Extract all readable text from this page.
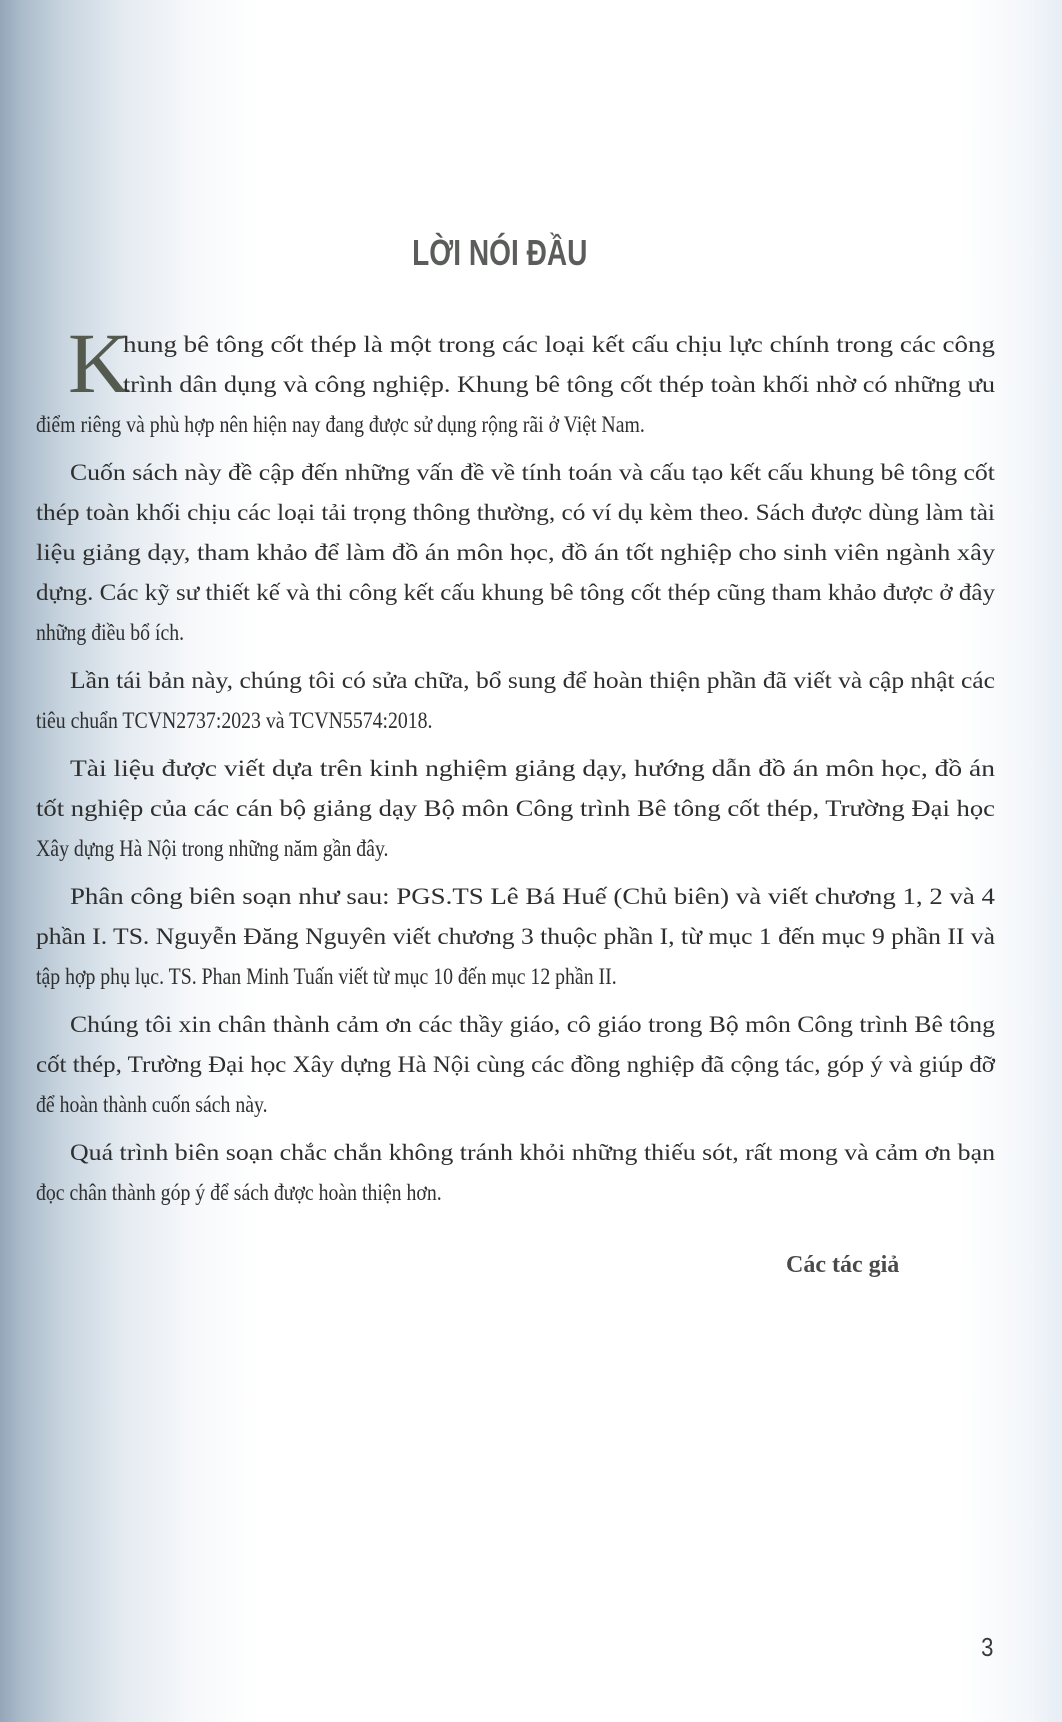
LỜI NÓI ĐẦU
K
hung bê tông cốt thép là một trong các loại kết cấu chịu lực chính trong các công
trình dân dụng và công nghiệp. Khung bê tông cốt thép toàn khối nhờ có những ưu
điểm riêng và phù hợp nên hiện nay đang được sử dụng rộng rãi ở Việt Nam.
Cuốn sách này đề cập đến những vấn đề về tính toán và cấu tạo kết cấu khung bê tông cốt
thép toàn khối chịu các loại tải trọng thông thường, có ví dụ kèm theo. Sách được dùng làm tài
liệu giảng dạy, tham khảo để làm đồ án môn học, đồ án tốt nghiệp cho sinh viên ngành xây
dựng. Các kỹ sư thiết kế và thi công kết cấu khung bê tông cốt thép cũng tham khảo được ở đây
những điều bổ ích.
Lần tái bản này, chúng tôi có sửa chữa, bổ sung để hoàn thiện phần đã viết và cập nhật các
tiêu chuẩn TCVN2737:2023 và TCVN5574:2018.
Tài liệu được viết dựa trên kinh nghiệm giảng dạy, hướng dẫn đồ án môn học, đồ án
tốt nghiệp của các cán bộ giảng dạy Bộ môn Công trình Bê tông cốt thép, Trường Đại học
Xây dựng Hà Nội trong những năm gần đây.
Phân công biên soạn như sau: PGS.TS Lê Bá Huế (Chủ biên) và viết chương 1, 2 và 4
phần I. TS. Nguyễn Đăng Nguyên viết chương 3 thuộc phần I, từ mục 1 đến mục 9 phần II và
tập hợp phụ lục. TS. Phan Minh Tuấn viết từ mục 10 đến mục 12 phần II.
Chúng tôi xin chân thành cảm ơn các thầy giáo, cô giáo trong Bộ môn Công trình Bê tông
cốt thép, Trường Đại học Xây dựng Hà Nội cùng các đồng nghiệp đã cộng tác, góp ý và giúp đỡ
để hoàn thành cuốn sách này.
Quá trình biên soạn chắc chắn không tránh khỏi những thiếu sót, rất mong và cảm ơn bạn
đọc chân thành góp ý để sách được hoàn thiện hơn.
Các tác giả
3
